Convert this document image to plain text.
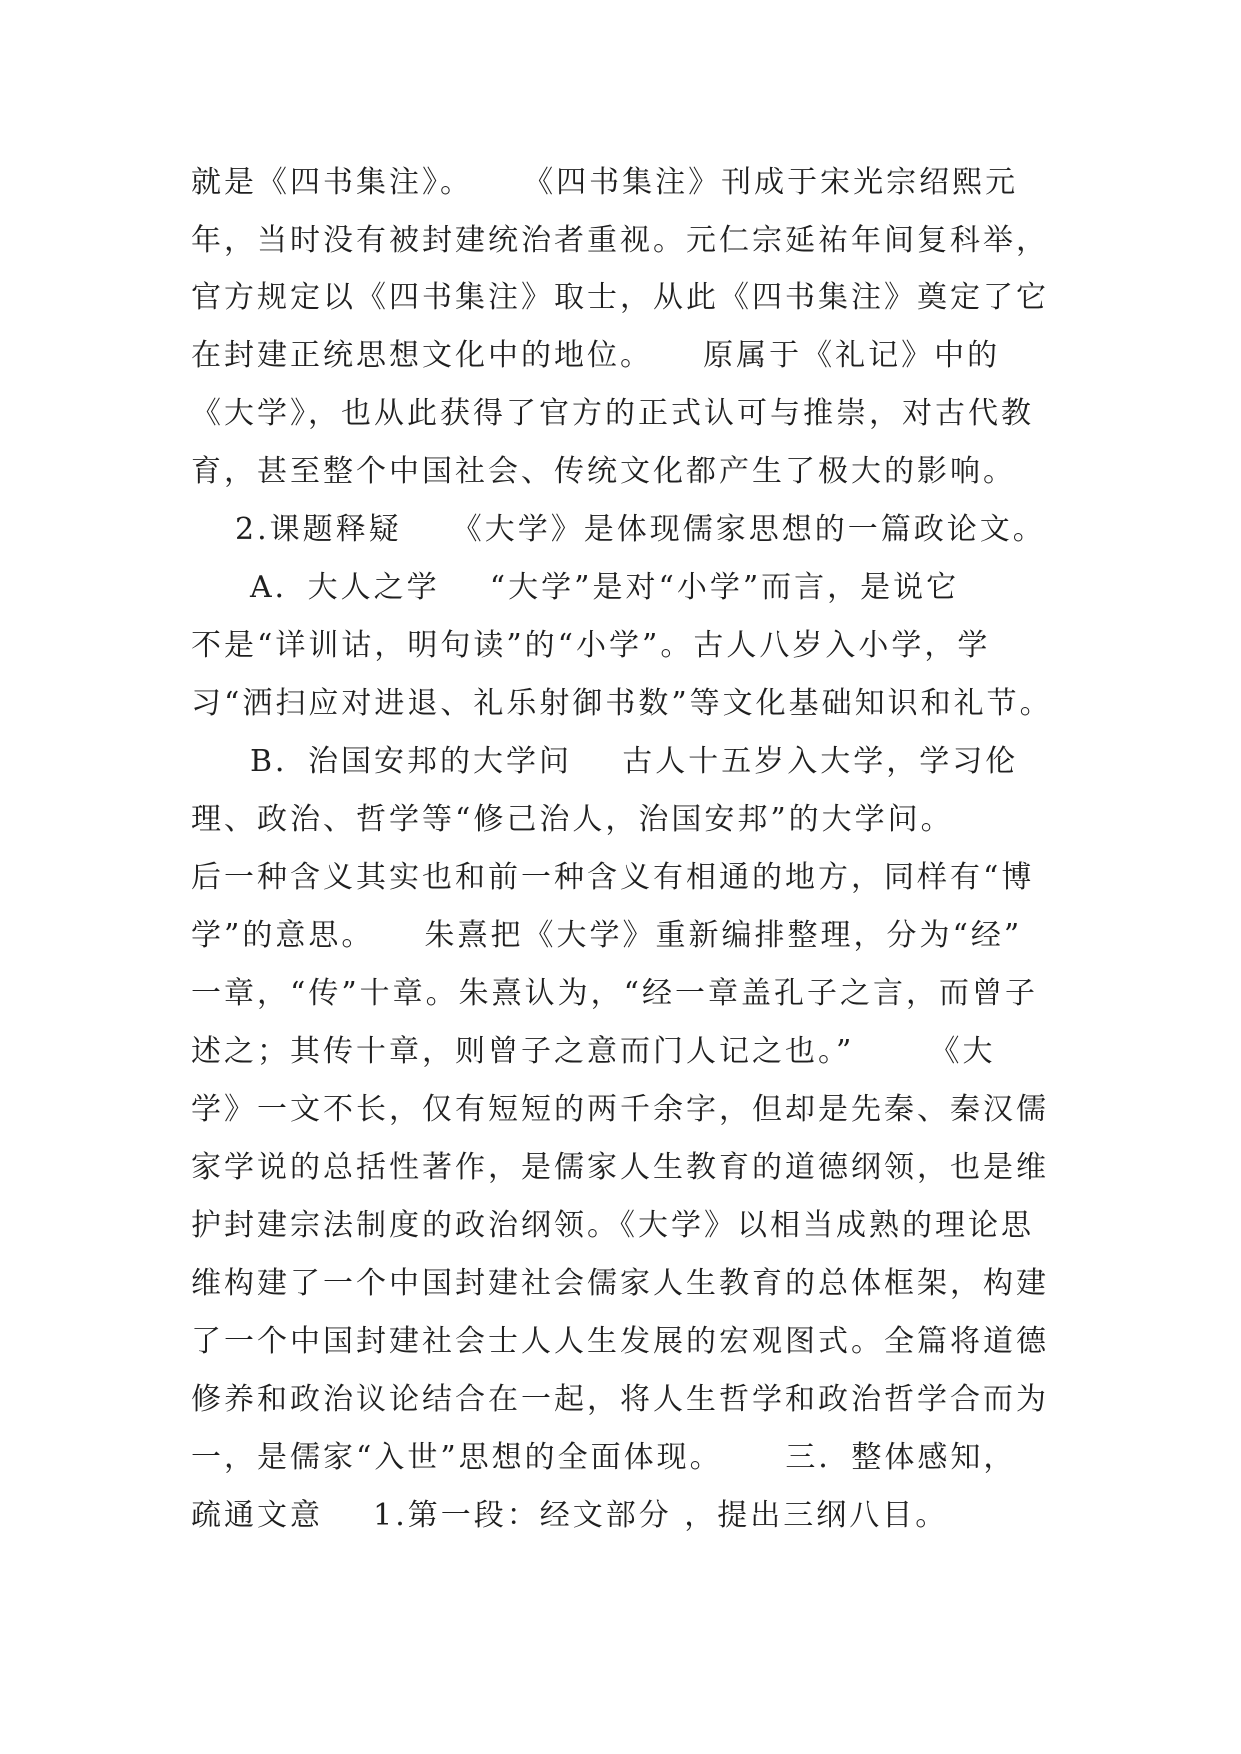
就是《四书集注》。    《四书集注》刊成于宋光宗绍熙元
年，当时没有被封建统治者重视。元仁宗延祐年间复科举，
官方规定以《四书集注》取士，从此《四书集注》奠定了它
在封建正统思想文化中的地位。    原属于《礼记》中的
《大学》，也从此获得了官方的正式认可与推崇，对古代教
育，甚至整个中国社会、传统文化都产生了极大的影响。
2.课题释疑    《大学》是体现儒家思想的一篇政论文。
A．大人之学    “大学”是对“小学”而言，是说它
不是“详训诂，明句读”的“小学”。古人八岁入小学，学
习“洒扫应对进退、礼乐射御书数”等文化基础知识和礼节。
B．治国安邦的大学问    古人十五岁入大学，学习伦
理、政治、哲学等“修己治人，治国安邦”的大学问。
后一种含义其实也和前一种含义有相通的地方，同样有“博
学”的意思。    朱熹把《大学》重新编排整理，分为“经”
一章，“传”十章。朱熹认为，“经一章盖孔子之言，而曾子
述之；其传十章，则曾子之意而门人记之也。”      《大
学》一文不长，仅有短短的两千余字，但却是先秦、秦汉儒
家学说的总括性著作，是儒家人生教育的道德纲领，也是维
护封建宗法制度的政治纲领。《大学》以相当成熟的理论思
维构建了一个中国封建社会儒家人生教育的总体框架，构建
了一个中国封建社会士人人生发展的宏观图式。全篇将道德
修养和政治议论结合在一起，将人生哲学和政治哲学合而为
一，是儒家“入世”思想的全面体现。     三．整体感知，
疏通文意    1.第一段：经文部分 ，提出三纲八目。
